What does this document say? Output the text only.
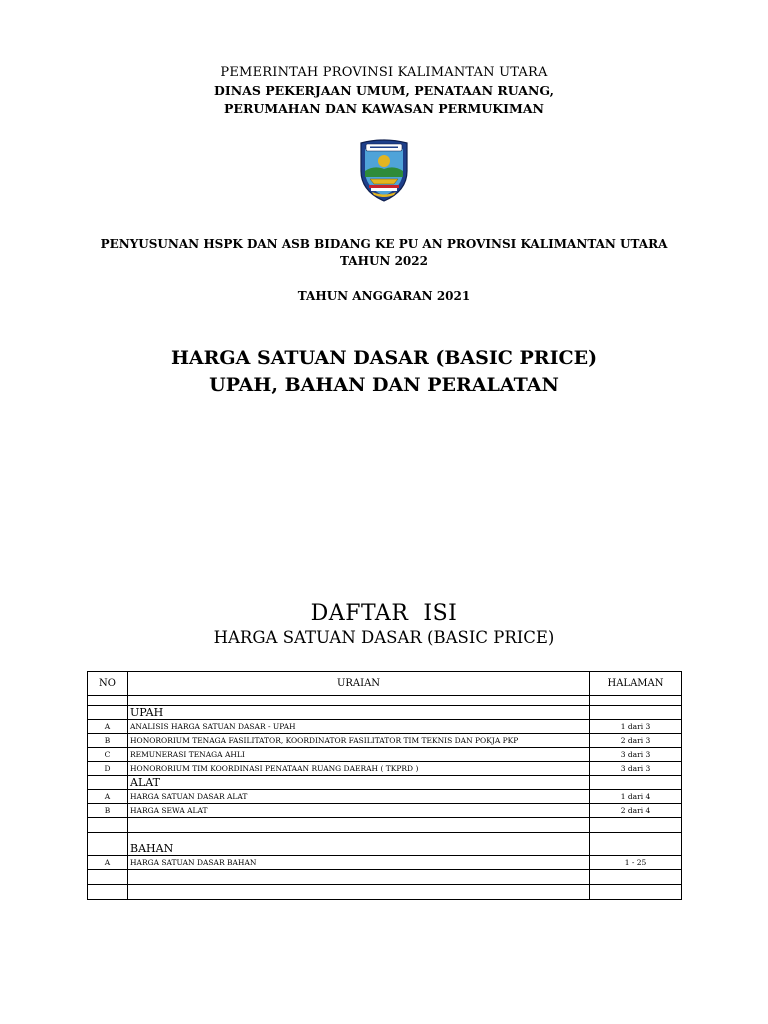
PEMERINTAH PROVINSI KALIMANTAN UTARA
DINAS PEKERJAAN UMUM, PENATAAN RUANG,
PERUMAHAN DAN KAWASAN PERMUKIMAN
PENYUSUNAN HSPK DAN ASB BIDANG KE PU AN PROVINSI KALIMANTAN UTARA
TAHUN 2022
TAHUN ANGGARAN 2021
HARGA SATUAN DASAR (BASIC PRICE)
UPAH, BAHAN DAN PERALATAN
DAFTAR  ISI
HARGA SATUAN DASAR (BASIC PRICE)
NO	URAIAN	HALAMAN

	UPAH	
A	ANALISIS HARGA SATUAN DASAR - UPAH	1 dari 3
B	HONORORIUM TENAGA FASILITATOR, KOORDINATOR FASILITATOR TIM TEKNIS DAN POKJA PKP	2 dari 3
C	REMUNERASI TENAGA AHLI	3 dari 3
D	HONORORIUM TIM KOORDINASI PENATAAN RUANG DAERAH ( TKPRD )	3 dari 3
	ALAT	
A	HARGA SATUAN DASAR ALAT	1 dari 4
B	HARGA SEWA ALAT	2 dari 4

	BAHAN	
A	HARGA SATUAN DASAR BAHAN	1 - 25
